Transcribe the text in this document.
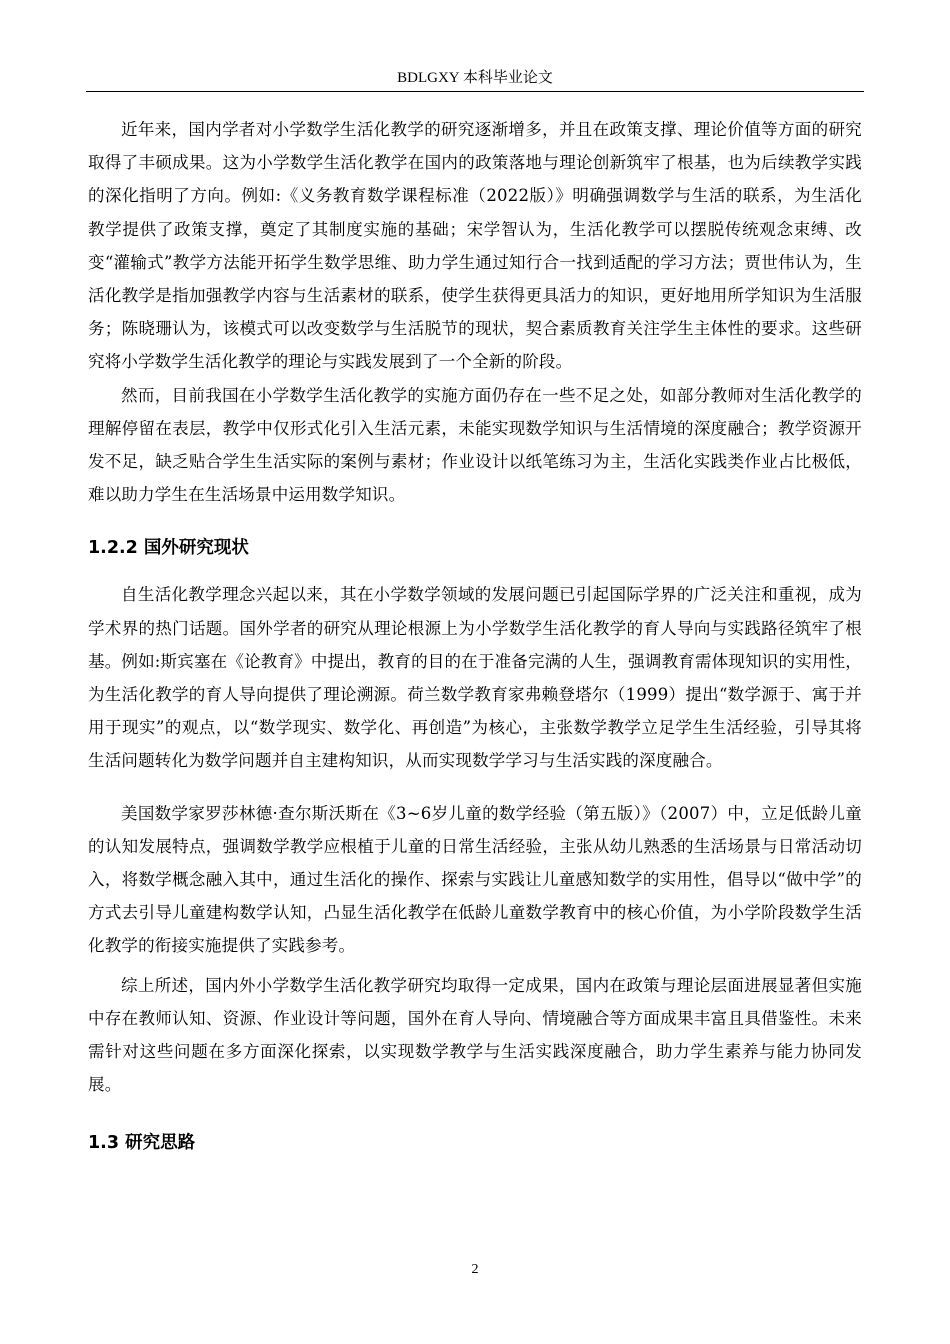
BDLGXY 本科毕业论文

近年来，国内学者对小学数学生活化教学的研究逐渐增多，并且在政策支撑、理论价值等方面的研究取得了丰硕成果。这为小学数学生活化教学在国内的政策落地与理论创新筑牢了根基，也为后续教学实践的深化指明了方向。例如:《义务教育数学课程标准（2022版）》明确强调数学与生活的联系，为生活化教学提供了政策支撑，奠定了其制度实施的基础；宋学智认为，生活化教学可以摆脱传统观念束缚、改变“灌输式”教学方法能开拓学生数学思维、助力学生通过知行合一找到适配的学习方法；贾世伟认为，生活化教学是指加强教学内容与生活素材的联系，使学生获得更具活力的知识，更好地用所学知识为生活服务；陈晓珊认为，该模式可以改变数学与生活脱节的现状，契合素质教育关注学生主体性的要求。这些研究将小学数学生活化教学的理论与实践发展到了一个全新的阶段。

然而，目前我国在小学数学生活化教学的实施方面仍存在一些不足之处，如部分教师对生活化教学的理解停留在表层，教学中仅形式化引入生活元素，未能实现数学知识与生活情境的深度融合；教学资源开发不足，缺乏贴合学生生活实际的案例与素材；作业设计以纸笔练习为主，生活化实践类作业占比极低，难以助力学生在生活场景中运用数学知识。

1.2.2 国外研究现状

自生活化教学理念兴起以来，其在小学数学领域的发展问题已引起国际学界的广泛关注和重视，成为学术界的热门话题。国外学者的研究从理论根源上为小学数学生活化教学的育人导向与实践路径筑牢了根基。例如:斯宾塞在《论教育》中提出，教育的目的在于准备完满的人生，强调教育需体现知识的实用性，为生活化教学的育人导向提供了理论溯源。荷兰数学教育家弗赖登塔尔（1999）提出“数学源于、寓于并用于现实”的观点，以“数学现实、数学化、再创造”为核心，主张数学教学立足学生生活经验，引导其将生活问题转化为数学问题并自主建构知识，从而实现数学学习与生活实践的深度融合。

美国数学家罗莎林德·查尔斯沃斯在《3~6岁儿童的数学经验（第五版）》（2007）中，立足低龄儿童的认知发展特点，强调数学教学应根植于儿童的日常生活经验，主张从幼儿熟悉的生活场景与日常活动切入，将数学概念融入其中，通过生活化的操作、探索与实践让儿童感知数学的实用性，倡导以“做中学”的方式去引导儿童建构数学认知，凸显生活化教学在低龄儿童数学教育中的核心价值，为小学阶段数学生活化教学的衔接实施提供了实践参考。

综上所述，国内外小学数学生活化教学研究均取得一定成果，国内在政策与理论层面进展显著但实施中存在教师认知、资源、作业设计等问题，国外在育人导向、情境融合等方面成果丰富且具借鉴性。未来需针对这些问题在多方面深化探索，以实现数学教学与生活实践深度融合，助力学生素养与能力协同发展。

1.3 研究思路
2
